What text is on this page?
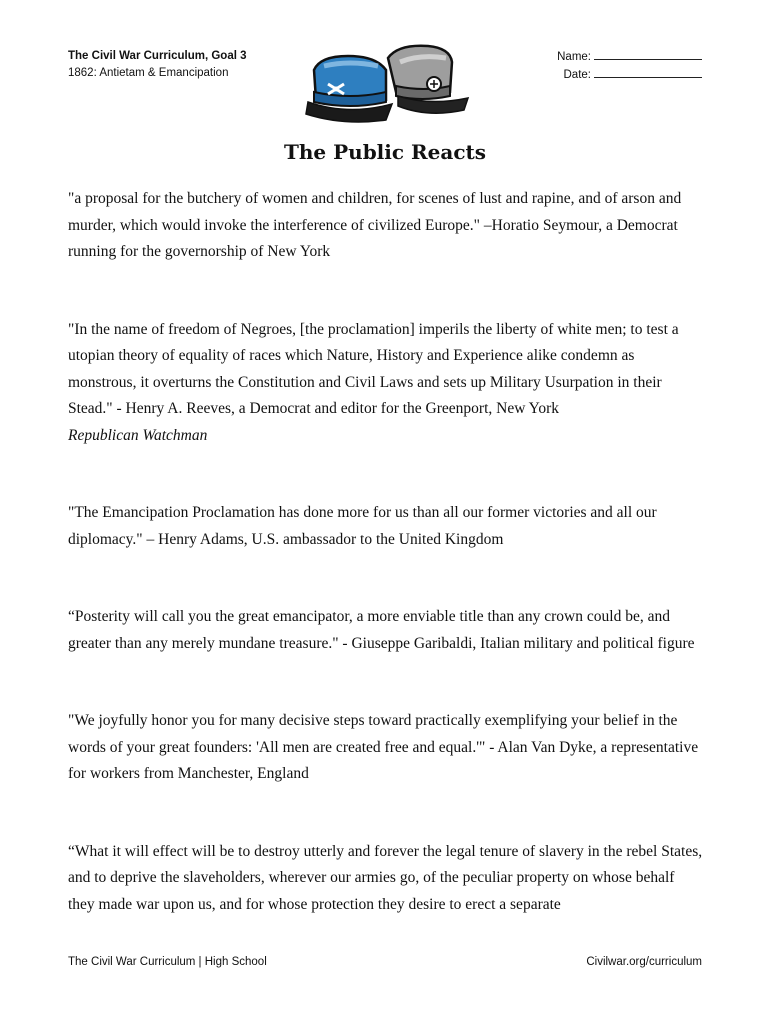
The Civil War Curriculum, Goal 3
1862: Antietam & Emancipation
Name:
Date:
The Public Reacts

"a proposal for the butchery of women and children, for scenes of lust and rapine, and of arson and murder, which would invoke the interference of civilized Europe." –Horatio Seymour, a Democrat running for the governorship of New York

"In the name of freedom of Negroes, [the proclamation] imperils the liberty of white men; to test a utopian theory of equality of races which Nature, History and Experience alike condemn as monstrous, it overturns the Constitution and Civil Laws and sets up Military Usurpation in their Stead." - Henry A. Reeves, a Democrat and editor for the Greenport, New York
Republican Watchman

"The Emancipation Proclamation has done more for us than all our former victories and all our diplomacy." – Henry Adams, U.S. ambassador to the United Kingdom

“Posterity will call you the great emancipator, a more enviable title than any crown could be, and greater than any merely mundane treasure." - Giuseppe Garibaldi, Italian military and political figure

"We joyfully honor you for many decisive steps toward practically exemplifying your belief in the words of your great founders: 'All men are created free and equal.'" - Alan Van Dyke, a representative for workers from Manchester, England

“What it will effect will be to destroy utterly and forever the legal tenure of slavery in the rebel States, and to deprive the slaveholders, wherever our armies go, of the peculiar property on whose behalf they made war upon us, and for whose protection they desire to erect a separate

The Civil War Curriculum | High School	Civilwar.org/curriculum
